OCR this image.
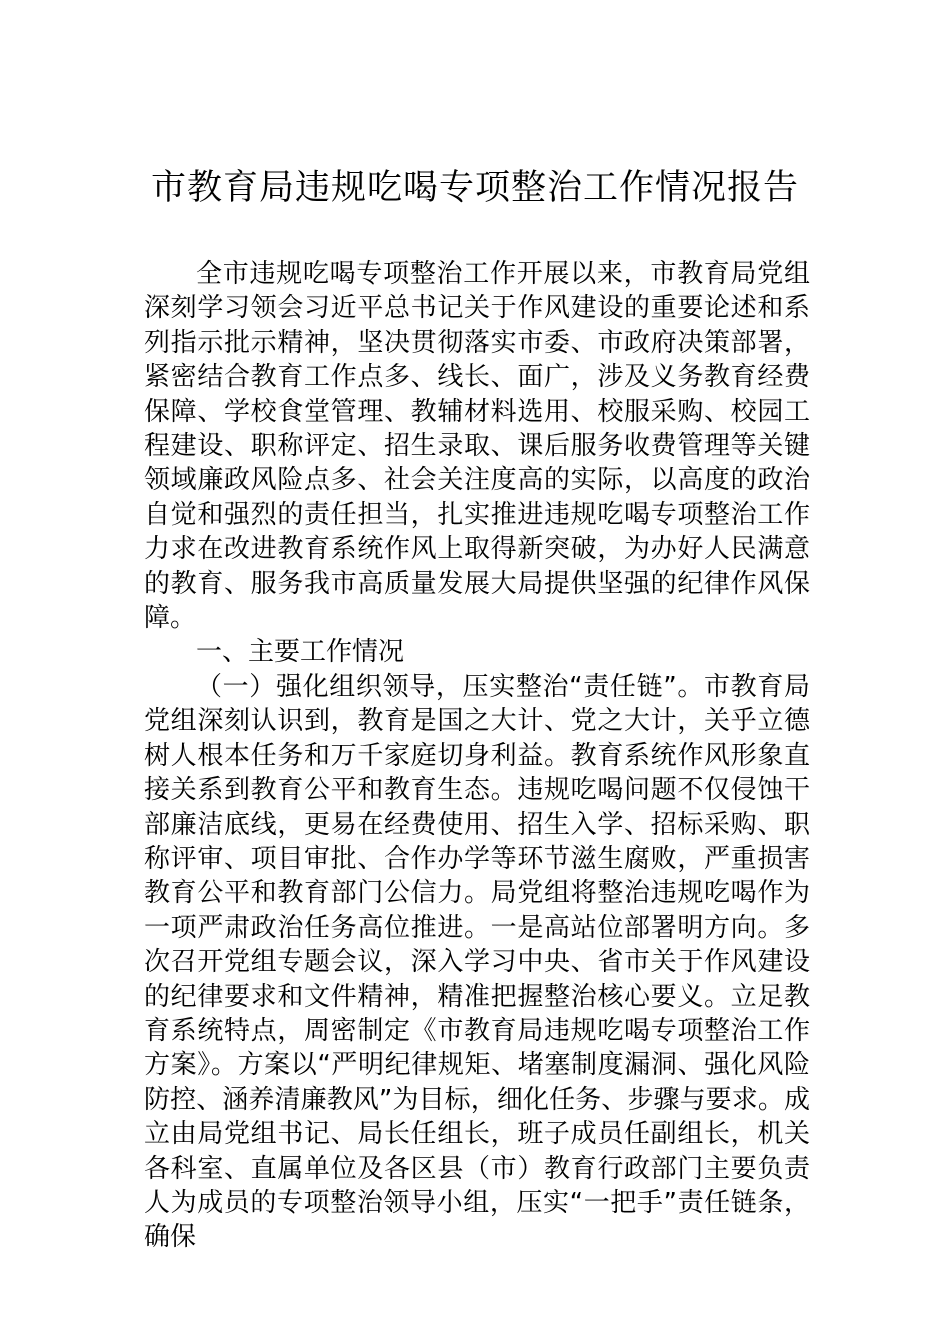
市教育局违规吃喝专项整治工作情况报告

全市违规吃喝专项整治工作开展以来，市教育局党组深刻学习领会习近平总书记关于作风建设的重要论述和系列指示批示精神，坚决贯彻落实市委、市政府决策部署，紧密结合教育工作点多、线长、面广，涉及义务教育经费保障、学校食堂管理、教辅材料选用、校服采购、校园工程建设、职称评定、招生录取、课后服务收费管理等关键领域廉政风险点多、社会关注度高的实际，以高度的政治自觉和强烈的责任担当，扎实推进违规吃喝专项整治工作力求在改进教育系统作风上取得新突破，为办好人民满意的教育、服务我市高质量发展大局提供坚强的纪律作风保障。

一、主要工作情况

（一）强化组织领导，压实整治“责任链”。市教育局党组深刻认识到，教育是国之大计、党之大计，关乎立德树人根本任务和万千家庭切身利益。教育系统作风形象直接关系到教育公平和教育生态。违规吃喝问题不仅侵蚀干部廉洁底线，更易在经费使用、招生入学、招标采购、职称评审、项目审批、合作办学等环节滋生腐败，严重损害教育公平和教育部门公信力。局党组将整治违规吃喝作为一项严肃政治任务高位推进。一是高站位部署明方向。多次召开党组专题会议，深入学习中央、省市关于作风建设的纪律要求和文件精神，精准把握整治核心要义。立足教育系统特点，周密制定《市教育局违规吃喝专项整治工作方案》。方案以“严明纪律规矩、堵塞制度漏洞、强化风险防控、涵养清廉教风”为目标，细化任务、步骤与要求。成立由局党组书记、局长任组长，班子成员任副组长，机关各科室、直属单位及各区县（市）教育行政部门主要负责人为成员的专项整治领导小组，压实“一把手”责任链条，确保
